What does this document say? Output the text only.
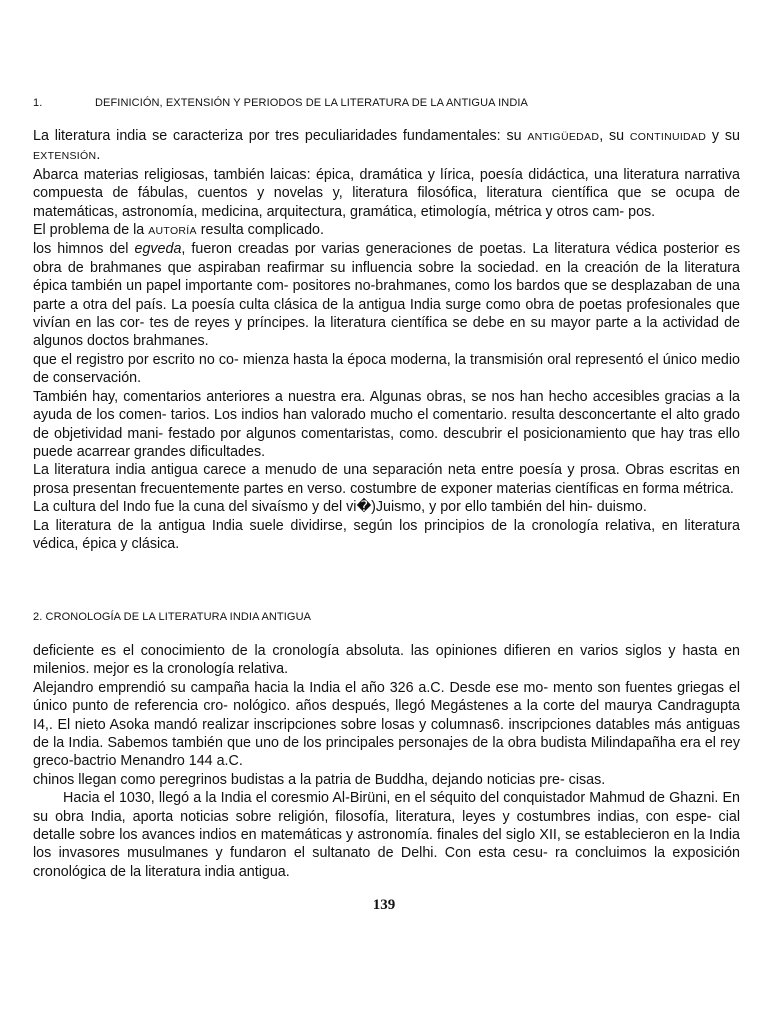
1.	DEFINICIÓN, EXTENSIÓN Y PERIODOS DE LA LITERATURA DE LA ANTIGUA INDIA

La literatura india se caracteriza por tres peculiaridades fundamentales: su ANTIGÜEDAD, su CONTINUIDAD y su EXTENSIÓN.

Abarca materias religiosas, también laicas: épica, dramática y lírica, poesía didáctica, una literatura narrativa compuesta de fábulas, cuentos y novelas y, literatura filosófica, literatura científica que se ocupa de matemáticas, astronomía, medicina, arquitectura, gramática, etimología, métrica y otros cam- pos.

El problema de la AUTORÍA resulta complicado.

los himnos del egveda, fueron creadas por varias generaciones de poetas. La literatura védica posterior es obra de brahmanes que aspiraban reafirmar su influencia sobre la sociedad. en la creación de la literatura épica también un papel importante com- positores no-brahmanes, como los bardos que se desplazaban de una parte a otra del país. La poesía culta clásica de la antigua India surge como obra de poetas profesionales que vivían en las cor- tes de reyes y príncipes. la literatura científica se debe en su mayor parte a la actividad de algunos doctos brahmanes.

que el registro por escrito no co- mienza hasta la época moderna, la transmisión oral representó el único medio de conservación.

También hay, comentarios anteriores a nuestra era. Algunas obras, se nos han hecho accesibles gracias a la ayuda de los comen- tarios. Los indios han valorado mucho el comentario. resulta desconcertante el alto grado de objetividad mani- festado por algunos comentaristas, como. descubrir el posicionamiento que hay tras ello puede acarrear grandes dificultades.

La literatura india antigua carece a menudo de una separación neta entre poesía y prosa. Obras escritas en prosa presentan frecuentemente partes en verso. costumbre de exponer materias científicas en forma métrica.

La cultura del Indo fue la cuna del sivaísmo y del vi�)Juismo, y por ello también del hin- duismo.

La literatura de la antigua India suele dividirse, según los principios de la cronología relativa, en literatura védica, épica y clásica.

2. CRONOLOGÍA DE LA LITERATURA INDIA ANTIGUA

deficiente es el conocimiento de la cronología absoluta. las opiniones difieren en varios siglos y hasta en milenios. mejor es la cronología relativa.

Alejandro emprendió su campaña hacia la India el año 326 a.C. Desde ese mo- mento son fuentes griegas el único punto de referencia cro- nológico. años después, llegó Megástenes a la corte del maurya Candragupta I4,. El nieto Asoka mandó realizar inscripciones sobre losas y columnas6. inscripciones datables más antiguas de la India. Sabemos también que uno de los principales personajes de la obra budista Milindapañha era el rey greco-bactrio Menandro 144 a.C.

chinos llegan como peregrinos budistas a la patria de Buddha, dejando noticias pre- cisas.

Hacia el 1030, llegó a la India el coresmio Al-Birüni, en el séquito del conquistador Mahmud de Ghazni. En su obra India, aporta noticias sobre religión, filosofía, literatura, leyes y costumbres indias, con espe- cial detalle sobre los avances indios en matemáticas y astronomía. finales del siglo XII, se establecieron en la India los invasores musulmanes y fundaron el sultanato de Delhi. Con esta cesu- ra concluimos la exposición cronológica de la literatura india antigua.

139
